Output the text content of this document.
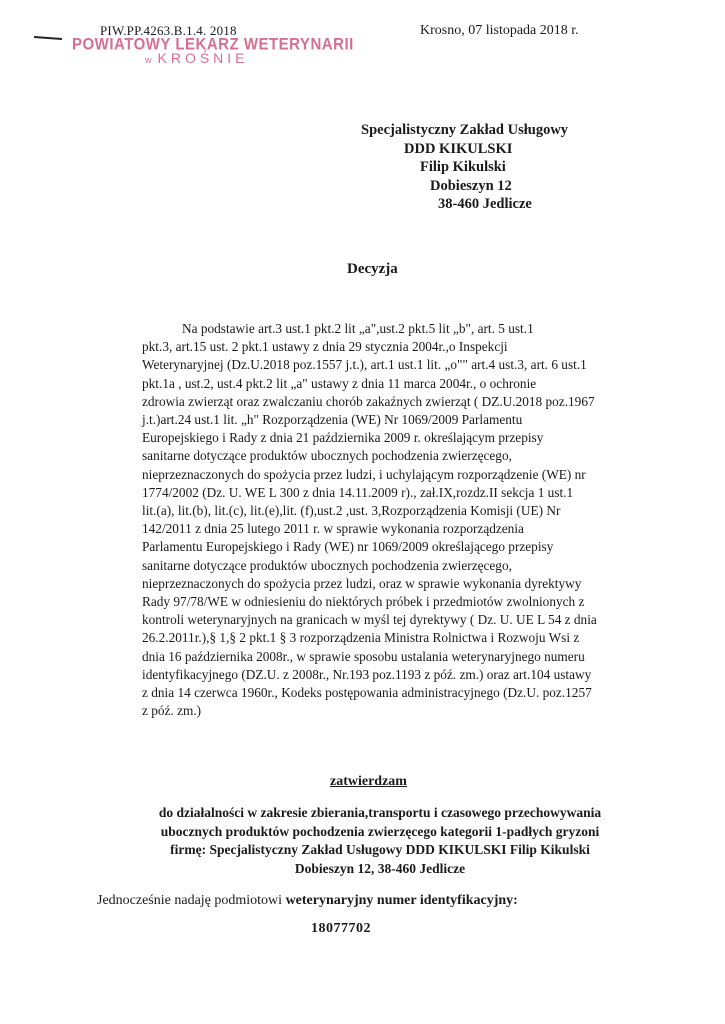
PIW.PP.4263.B.1.4. 2018
POWIATOWY LEKARZ WETERYNARII
w KROŚNIE
Krosno, 07 listopada 2018 r.
Specjalistyczny Zakład Usługowy
DDD KIKULSKI
Filip Kikulski
Dobieszyn 12
38-460 Jedlicze
Decyzja
Na podstawie art.3 ust.1 pkt.2 lit „a",ust.2 pkt.5 lit „b", art. 5 ust.1
pkt.3, art.15 ust. 2 pkt.1 ustawy z dnia 29 stycznia 2004r.,o Inspekcji
Weterynaryjnej (Dz.U.2018 poz.1557 j.t.), art.1 ust.1 lit. „o"" art.4 ust.3, art. 6 ust.1
pkt.1a , ust.2, ust.4 pkt.2 lit „a" ustawy z dnia 11 marca 2004r., o ochronie
zdrowia zwierząt oraz zwalczaniu chorób zakaźnych zwierząt ( DZ.U.2018 poz.1967
j.t.)art.24 ust.1 lit. „h" Rozporządzenia (WE) Nr 1069/2009 Parlamentu
Europejskiego i Rady z dnia 21 października 2009 r. określającym przepisy
sanitarne dotyczące produktów ubocznych pochodzenia zwierzęcego,
nieprzeznaczonych do spożycia przez ludzi, i uchylającym rozporządzenie (WE) nr
1774/2002 (Dz. U. WE L 300 z dnia 14.11.2009 r)., zał.IX,rozdz.II sekcja 1 ust.1
lit.(a), lit.(b), lit.(c), lit.(e),lit. (f),ust.2 ,ust. 3,Rozporządzenia Komisji (UE) Nr
142/2011 z dnia 25 lutego 2011 r. w sprawie wykonania rozporządzenia
Parlamentu Europejskiego i Rady (WE) nr 1069/2009 określającego przepisy
sanitarne dotyczące produktów ubocznych pochodzenia zwierzęcego,
nieprzeznaczonych do spożycia przez ludzi, oraz w sprawie wykonania dyrektywy
Rady 97/78/WE w odniesieniu do niektórych próbek i przedmiotów zwolnionych z
kontroli weterynaryjnych na granicach w myśl tej dyrektywy ( Dz. U. UE L 54 z dnia
26.2.2011r.),§ 1,§ 2 pkt.1 § 3 rozporządzenia Ministra Rolnictwa i Rozwoju Wsi z
dnia 16 października 2008r., w sprawie sposobu ustalania weterynaryjnego numeru
identyfikacyjnego (DZ.U. z 2008r., Nr.193 poz.1193 z póź. zm.) oraz art.104 ustawy
z dnia 14 czerwca 1960r., Kodeks postępowania administracyjnego (Dz.U. poz.1257
z póź. zm.)
zatwierdzam
do działalności w zakresie zbierania,transportu i czasowego przechowywania
ubocznych produktów pochodzenia zwierzęcego kategorii 1-padłych gryzoni
firmę: Specjalistyczny Zakład Usługowy DDD KIKULSKI Filip Kikulski
Dobieszyn 12, 38-460 Jedlicze
Jednocześnie nadaję podmiotowi weterynaryjny numer identyfikacyjny:
18077702
